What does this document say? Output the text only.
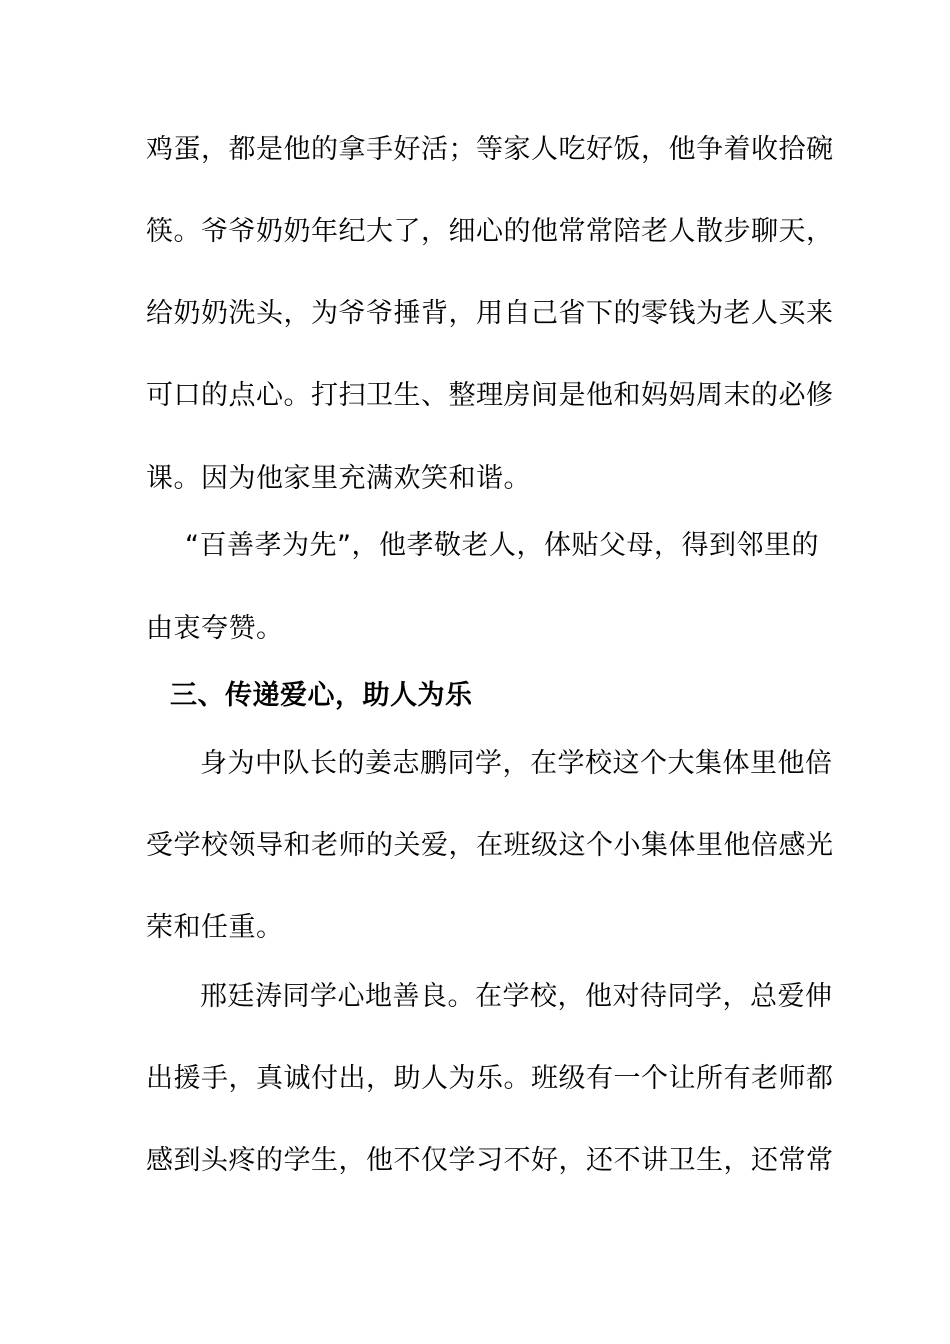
鸡蛋，都是他的拿手好活；等家人吃好饭，他争着收拾碗
筷。爷爷奶奶年纪大了，细心的他常常陪老人散步聊天，
给奶奶洗头，为爷爷捶背，用自己省下的零钱为老人买来
可口的点心。打扫卫生、整理房间是他和妈妈周末的必修
课。因为他家里充满欢笑和谐。
“百善孝为先”，他孝敬老人，体贴父母，得到邻里的
由衷夸赞。
三、传递爱心，助人为乐
身为中队长的姜志鹏同学，在学校这个大集体里他倍
受学校领导和老师的关爱，在班级这个小集体里他倍感光
荣和任重。
邢廷涛同学心地善良。在学校，他对待同学，总爱伸
出援手，真诚付出，助人为乐。班级有一个让所有老师都
感到头疼的学生，他不仅学习不好，还不讲卫生，还常常
